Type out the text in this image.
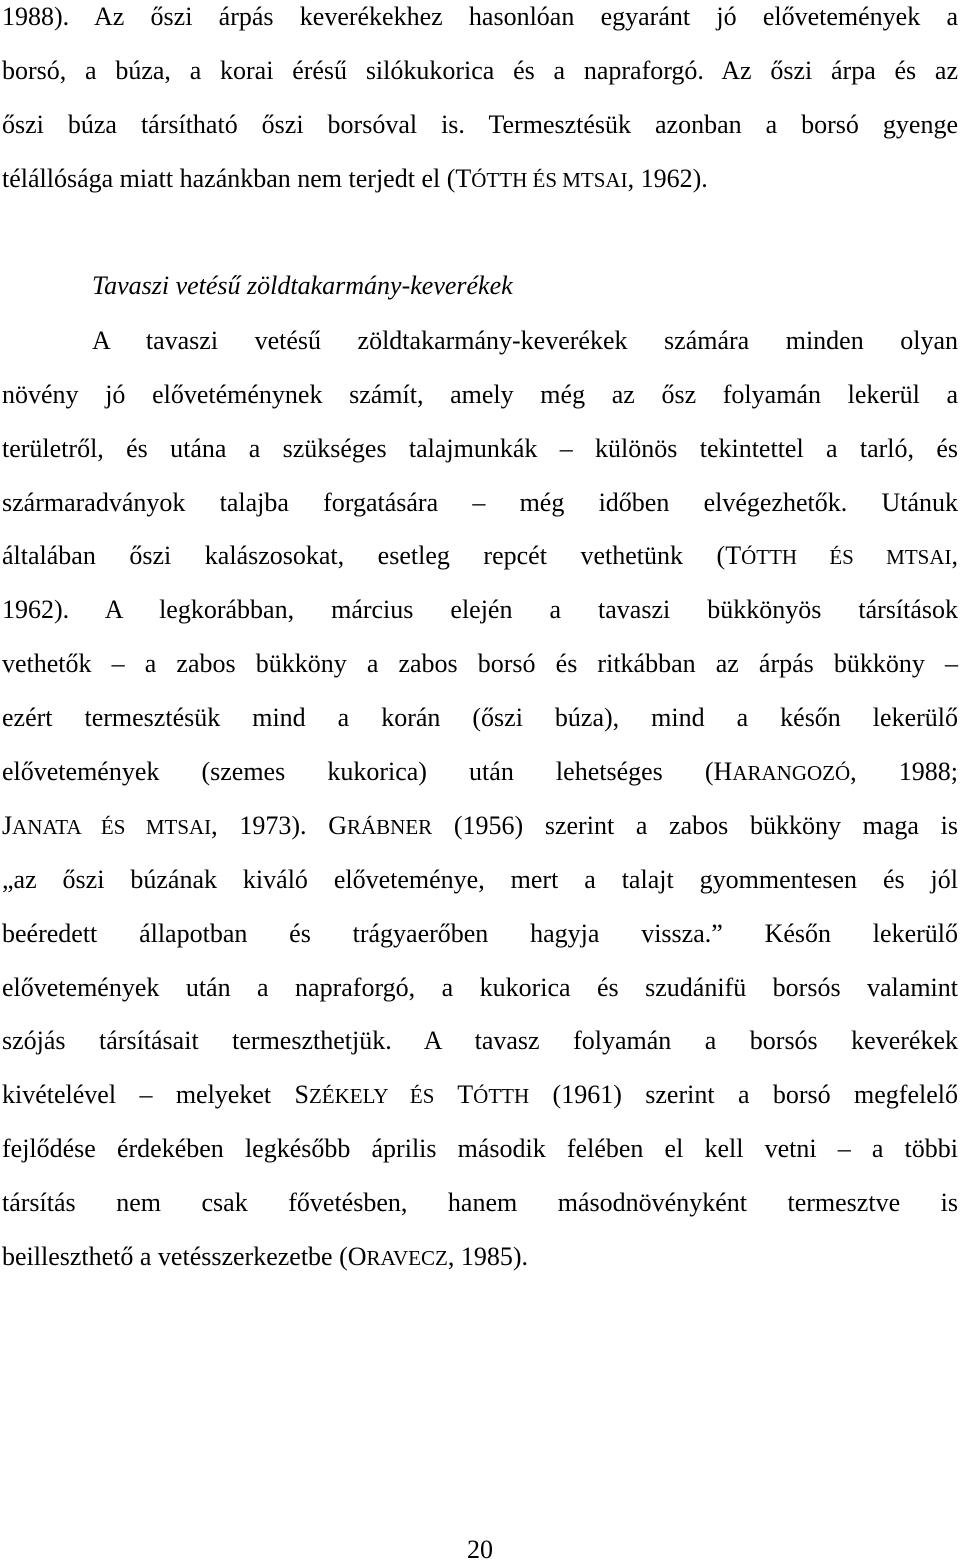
1988). Az őszi árpás keverékekhez hasonlóan egyaránt jó elővetemények a
borsó, a búza, a korai érésű silókukorica és a napraforgó. Az őszi árpa és az
őszi búza társítható őszi borsóval is. Termesztésük azonban a borsó gyenge
télállósága miatt hazánkban nem terjedt el (TÓTTH ÉS MTSAI, 1962).
Tavaszi vetésű zöldtakarmány-keverékek
A tavaszi vetésű zöldtakarmány-keverékek számára minden olyan
növény jó elővetéménynek számít, amely még az ősz folyamán lekerül a
területről, és utána a szükséges talajmunkák – különös tekintettel a tarló, és
szármaradványok talajba forgatására – még időben elvégezhetők. Utánuk
általában őszi kalászosokat, esetleg repcét vethetünk (TÓTTH ÉS MTSAI,
1962). A legkorábban, március elején a tavaszi bükkönyös társítások
vethetők – a zabos bükköny a zabos borsó és ritkábban az árpás bükköny –
ezért termesztésük mind a korán (őszi búza), mind a későn lekerülő
elővetemények (szemes kukorica) után lehetséges (HARANGOZÓ, 1988;
JANATA ÉS MTSAI, 1973). GRÁBNER (1956) szerint a zabos bükköny maga is
„az őszi búzának kiváló előveteménye, mert a talajt gyommentesen és jól
beéredett állapotban és trágyaerőben hagyja vissza.” Későn lekerülő
elővetemények után a napraforgó, a kukorica és szudánifü borsós valamint
szójás társításait termeszthetjük. A tavasz folyamán a borsós keverékek
kivételével – melyeket SZÉKELY ÉS TÓTTH (1961) szerint a borsó megfelelő
fejlődése érdekében legkésőbb április második felében el kell vetni – a többi
társítás nem csak fővetésben, hanem másodnövényként termesztve is
beilleszthető a vetésszerkezetbe (ORAVECZ, 1985).
20
